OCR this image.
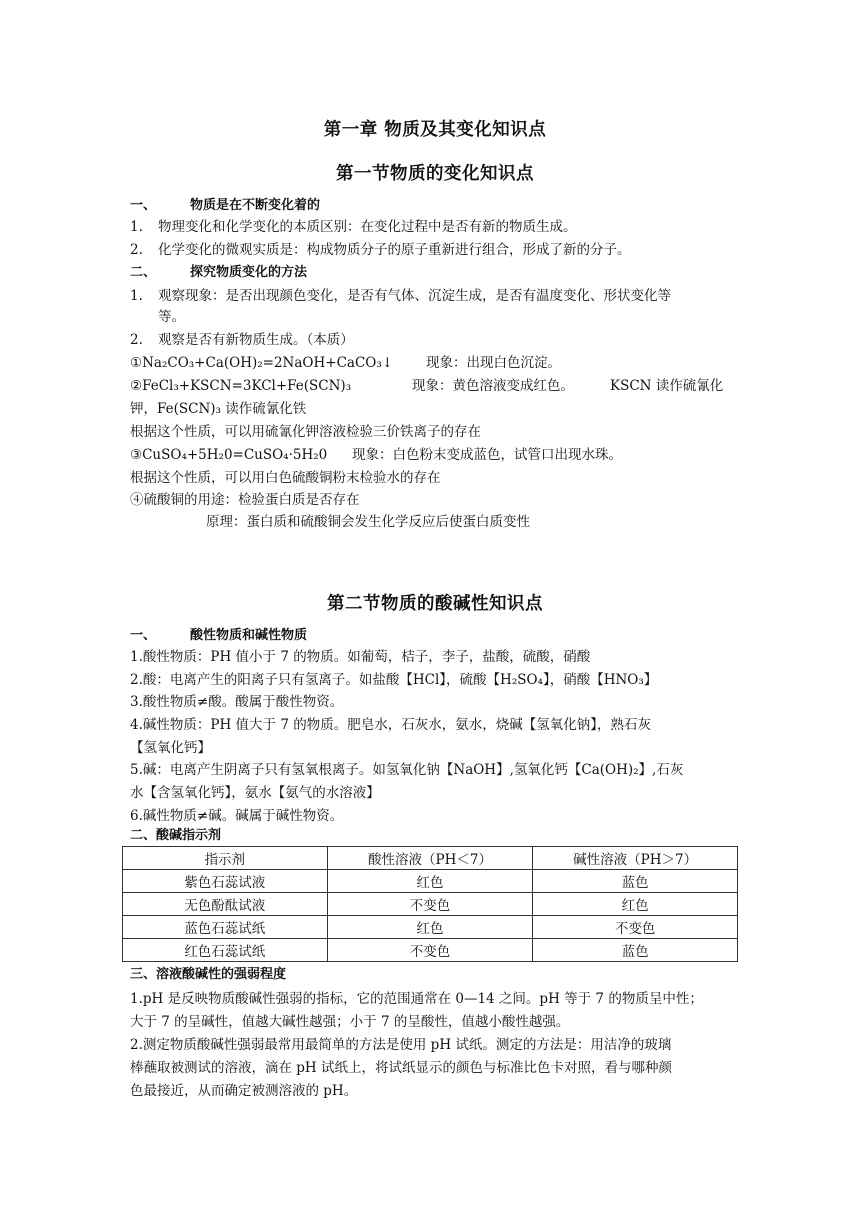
第一章 物质及其变化知识点
第一节物质的变化知识点
一、	物质是在不断变化着的
1. 物理变化和化学变化的本质区别：在变化过程中是否有新的物质生成。
2. 化学变化的微观实质是：构成物质分子的原子重新进行组合，形成了新的分子。
二、	探究物质变化的方法
1. 观察现象：是否出现颜色变化，是否有气体、沉淀生成，是否有温度变化、形状变化等
等。
2. 观察是否有新物质生成。（本质）
①Na₂CO₃+Ca(OH)₂=2NaOH+CaCO₃↓ 现象：出现白色沉淀。
②FeCl₃+KSCN=3KCl+Fe(SCN)₃	现象：黄色溶液变成红色。	KSCN 读作硫氰化
钾，Fe(SCN)₃ 读作硫氰化铁
根据这个性质，可以用硫氰化钾溶液检验三价铁离子的存在
③CuSO₄+5H₂0=CuSO₄·5H₂0 现象：白色粉末变成蓝色，试管口出现水珠。
根据这个性质，可以用白色硫酸铜粉末检验水的存在
④硫酸铜的用途：检验蛋白质是否存在
原理：蛋白质和硫酸铜会发生化学反应后使蛋白质变性
第二节物质的酸碱性知识点
一、	酸性物质和碱性物质
1.酸性物质：PH 值小于 7 的物质。如葡萄，桔子，李子，盐酸，硫酸，硝酸
2.酸：电离产生的阳离子只有氢离子。如盐酸【HCl】，硫酸【H₂SO₄】，硝酸【HNO₃】
3.酸性物质≠酸。酸属于酸性物资。
4.碱性物质：PH 值大于 7 的物质。肥皂水，石灰水，氨水，烧碱【氢氧化钠】，熟石灰
【氢氧化钙】
5.碱：电离产生阴离子只有氢氧根离子。如氢氧化钠【NaOH】,氢氧化钙【Ca(OH)₂】,石灰
水【含氢氧化钙】，氨水【氨气的水溶液】
6.碱性物质≠碱。碱属于碱性物资。
二、酸碱指示剂
三、溶液酸碱性的强弱程度
1.pH 是反映物质酸碱性强弱的指标，它的范围通常在 0—14 之间。pH 等于 7 的物质呈中性；
大于 7 的呈碱性，值越大碱性越强；小于 7 的呈酸性，值越小酸性越强。
2.测定物质酸碱性强弱最常用最简单的方法是使用 pH 试纸。测定的方法是：用洁净的玻璃
棒蘸取被测试的溶液，滴在 pH 试纸上，将试纸显示的颜色与标准比色卡对照，看与哪种颜
色最接近，从而确定被测溶液的 pH。
指示剂	酸性溶液（PH＜7）	碱性溶液（PH＞7）
紫色石蕊试液	红色	蓝色
无色酚酞试液	不变色	红色
蓝色石蕊试纸	红色	不变色
红色石蕊试纸	不变色	蓝色
